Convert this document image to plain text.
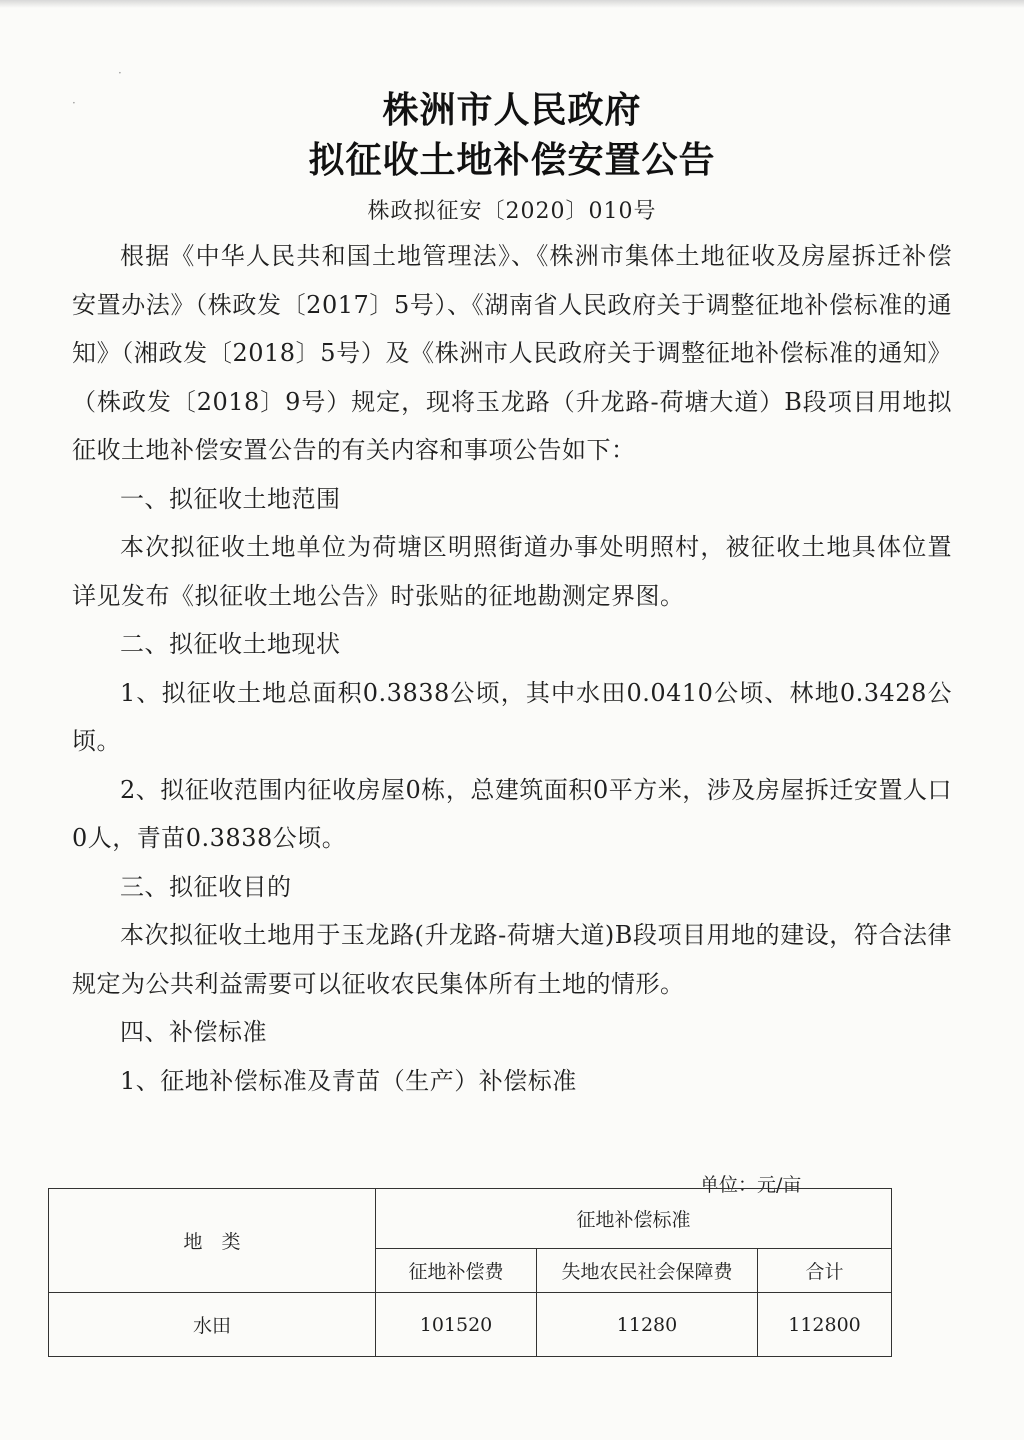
株洲市人民政府
拟征收土地补偿安置公告
株政拟征安〔2020〕010号

根据《中华人民共和国土地管理法》、《株洲市集体土地征收及房屋拆迁补偿安置办法》（株政发〔2017〕5号）、《湖南省人民政府关于调整征地补偿标准的通知》（湘政发〔2018〕5号）及《株洲市人民政府关于调整征地补偿标准的通知》（株政发〔2018〕9号）规定，现将玉龙路（升龙路-荷塘大道）B段项目用地拟征收土地补偿安置公告的有关内容和事项公告如下：

一、拟征收土地范围

本次拟征收土地单位为荷塘区明照街道办事处明照村，被征收土地具体位置详见发布《拟征收土地公告》时张贴的征地勘测定界图。

二、拟征收土地现状

1、拟征收土地总面积0.3838公顷，其中水田0.0410公顷、林地0.3428公顷。

2、拟征收范围内征收房屋0栋，总建筑面积0平方米，涉及房屋拆迁安置人口0人，青苗0.3838公顷。

三、拟征收目的

本次拟征收土地用于玉龙路(升龙路-荷塘大道)B段项目用地的建设，符合法律规定为公共利益需要可以征收农民集体所有土地的情形。

四、补偿标准

1、征地补偿标准及青苗（生产）补偿标准

单位：元/亩
地　类	征地补偿标准		
	征地补偿费	失地农民社会保障费	合计
水田	101520	11280	112800
·
·
